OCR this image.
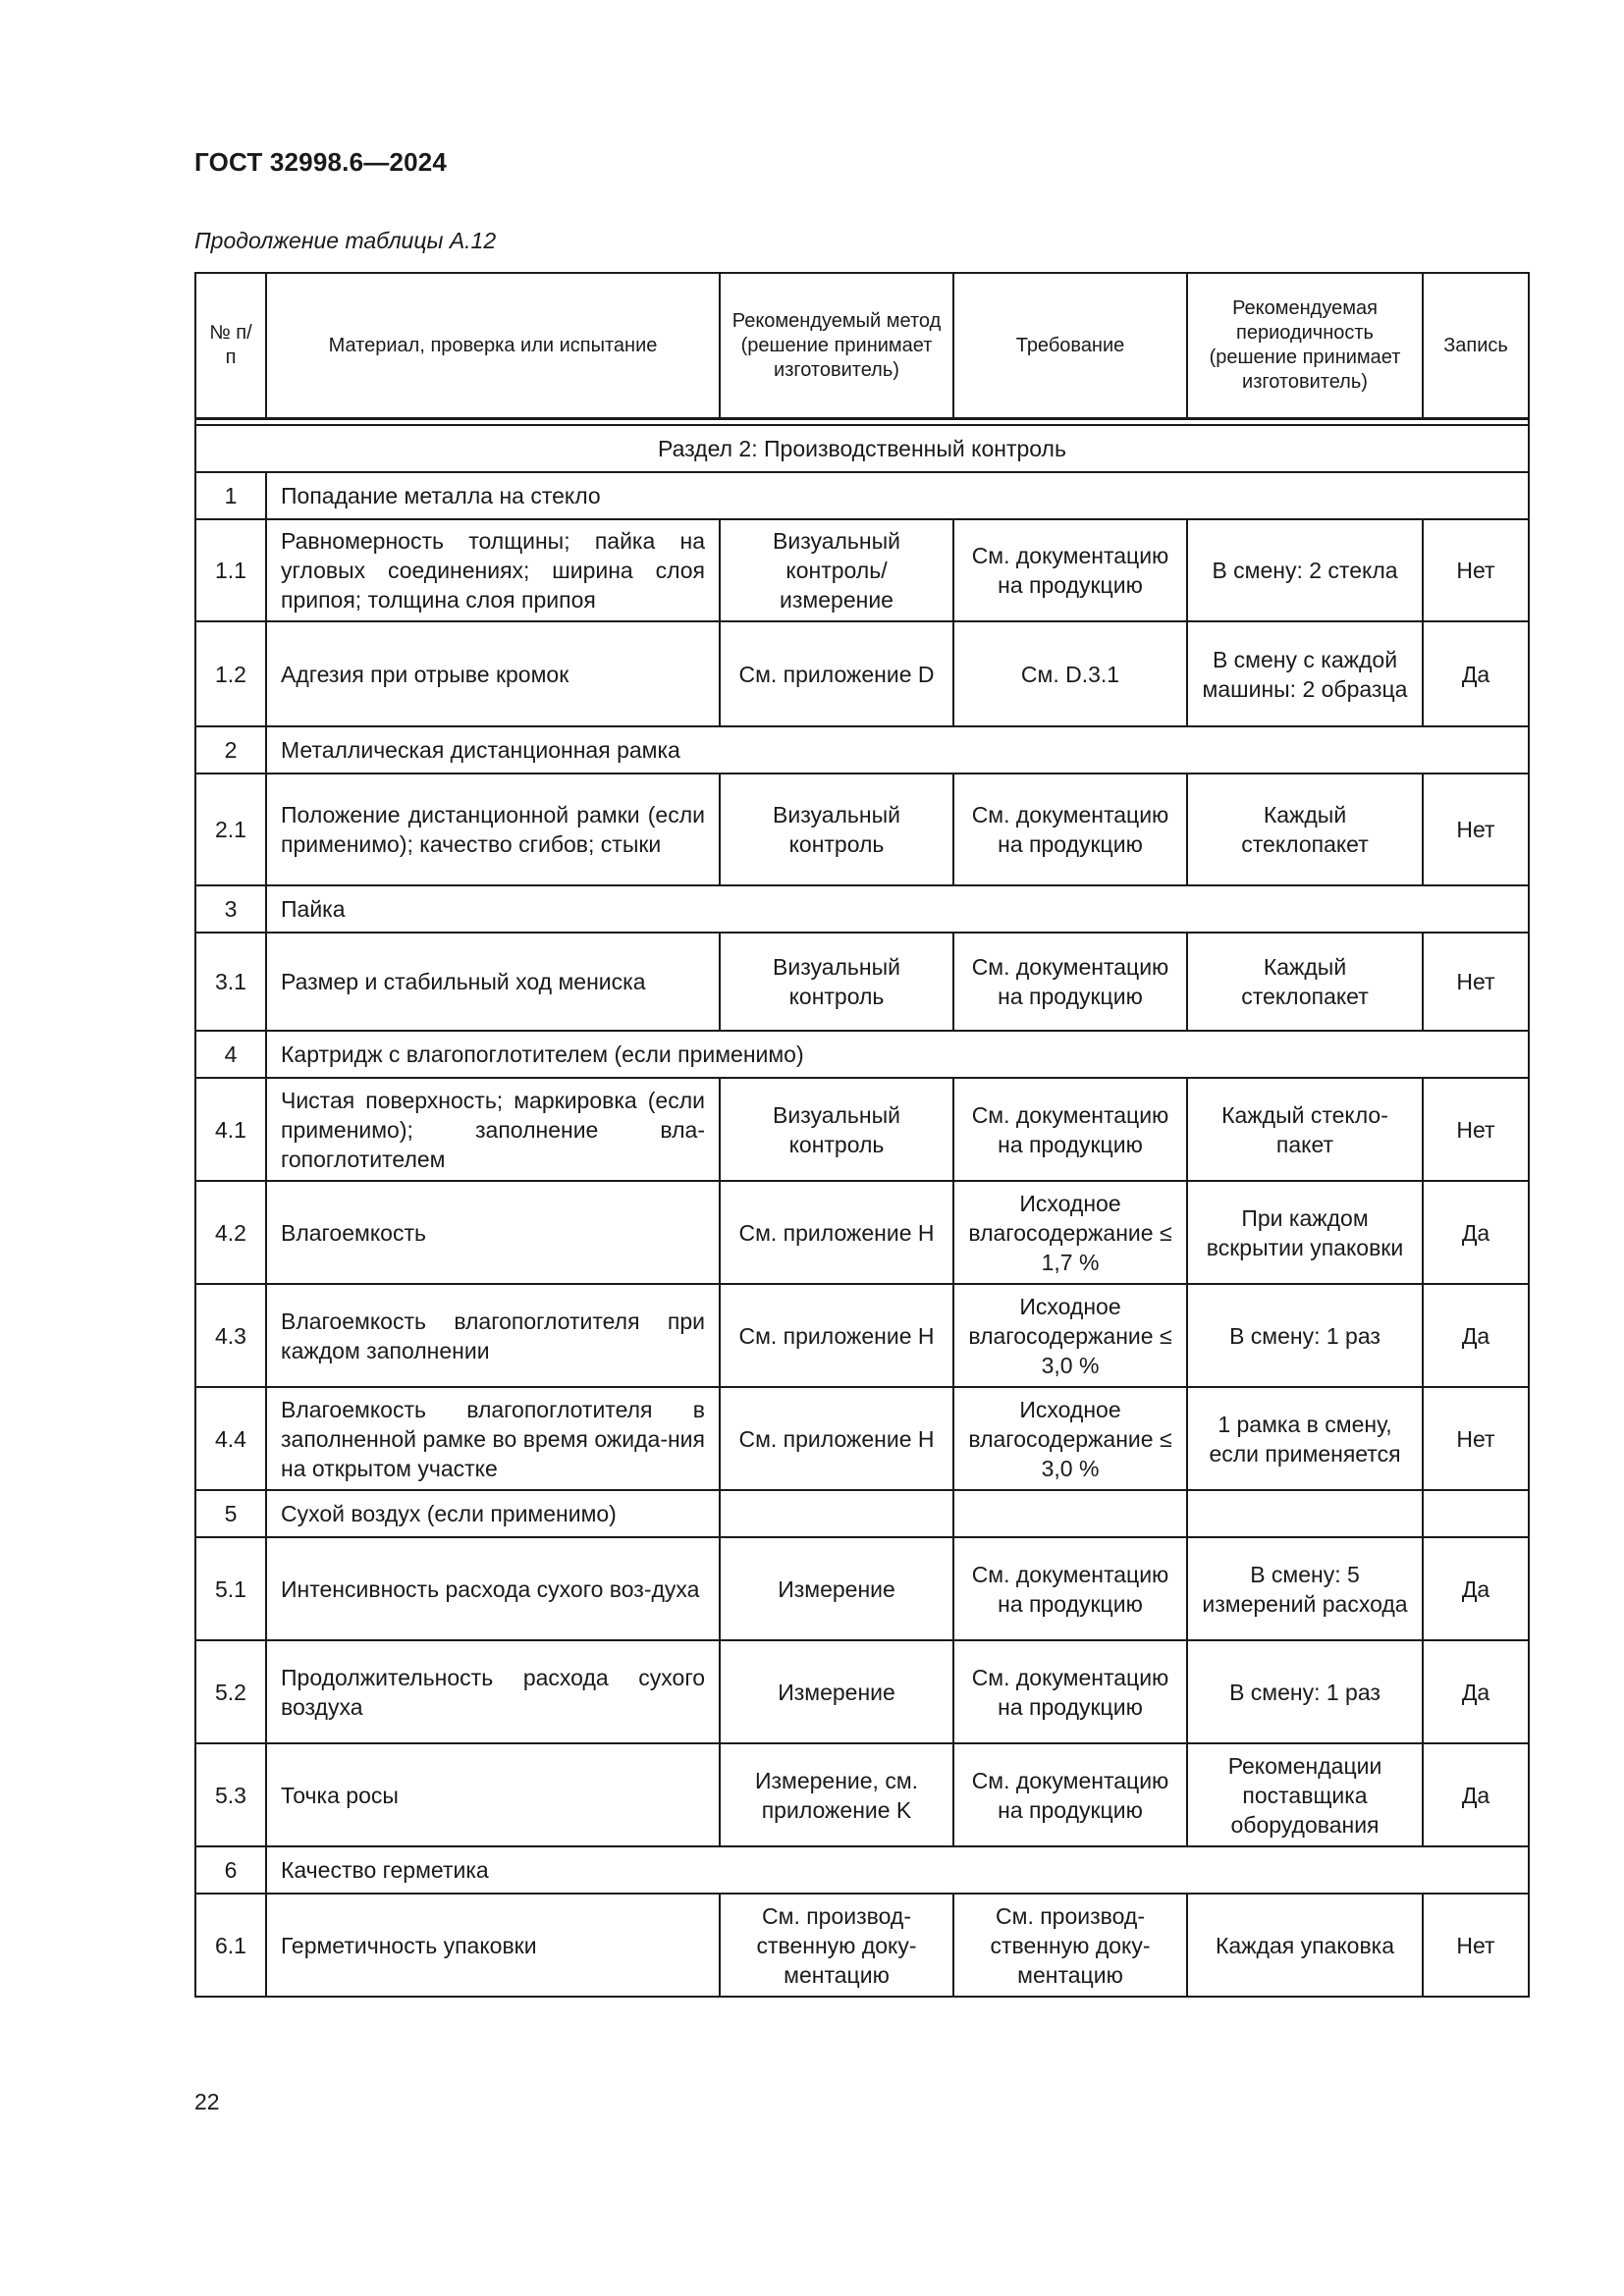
ГОСТ 32998.6—2024
Продолжение таблицы А.12
№ п/п	Материал, проверка или испытание	Рекомендуемый метод (решение принимает изготовитель)	Требование	Рекомендуемая периодичность (решение принимает изготовитель)	Запись

Раздел 2: Производственный контроль					
1	Попадание металла на стекло				
1.1	Равномерность толщины; пайка на угловых соединениях; ширина слоя припоя; толщина слоя припоя	Визуальный контроль/ измерение	См. документацию на продукцию	В смену: 2 стекла	Нет
1.2	Адгезия при отрыве кромок	См. приложение D	См. D.3.1	В смену с каждой машины: 2 образца	Да
2	Металлическая дистанционная рамка				
2.1	Положение дистанционной рамки (если применимо); качество сгибов; стыки	Визуальный контроль	См. документацию на продукцию	Каждый стеклопакет	Нет
3	Пайка				
3.1	Размер и стабильный ход мениска	Визуальный контроль	См. документацию на продукцию	Каждый стеклопакет	Нет
4	Картридж с влагопоглотителем (если применимо)				
4.1	Чистая поверхность; маркировка (если применимо); заполнение вла-гопоглотителем	Визуальный контроль	См. документацию на продукцию	Каждый стекло-пакет	Нет
4.2	Влагоемкость	См. приложение H	Исходное влагосодержание ≤ 1,7 %	При каждом вскрытии упаковки	Да
4.3	Влагоемкость влагопоглотителя при каждом заполнении	См. приложение H	Исходное влагосодержание ≤ 3,0 %	В смену: 1 раз	Да
4.4	Влагоемкость влагопоглотителя в заполненной рамке во время ожида-ния на открытом участке	См. приложение H	Исходное влагосодержание ≤ 3,0 %	1 рамка в смену, если применяется	Нет
5	Сухой воздух (если применимо)				
5.1	Интенсивность расхода сухого воз-духа	Измерение	См. документацию на продукцию	В смену: 5 измерений расхода	Да
5.2	Продолжительность расхода сухого воздуха	Измерение	См. документацию на продукцию	В смену: 1 раз	Да
5.3	Точка росы	Измерение, см. приложение K	См. документацию на продукцию	Рекомендации поставщика оборудования	Да
6	Качество герметика				
6.1	Герметичность упаковки	См. производ-ственную доку-ментацию	См. производ-ственную доку-ментацию	Каждая упаковка	Нет
22
